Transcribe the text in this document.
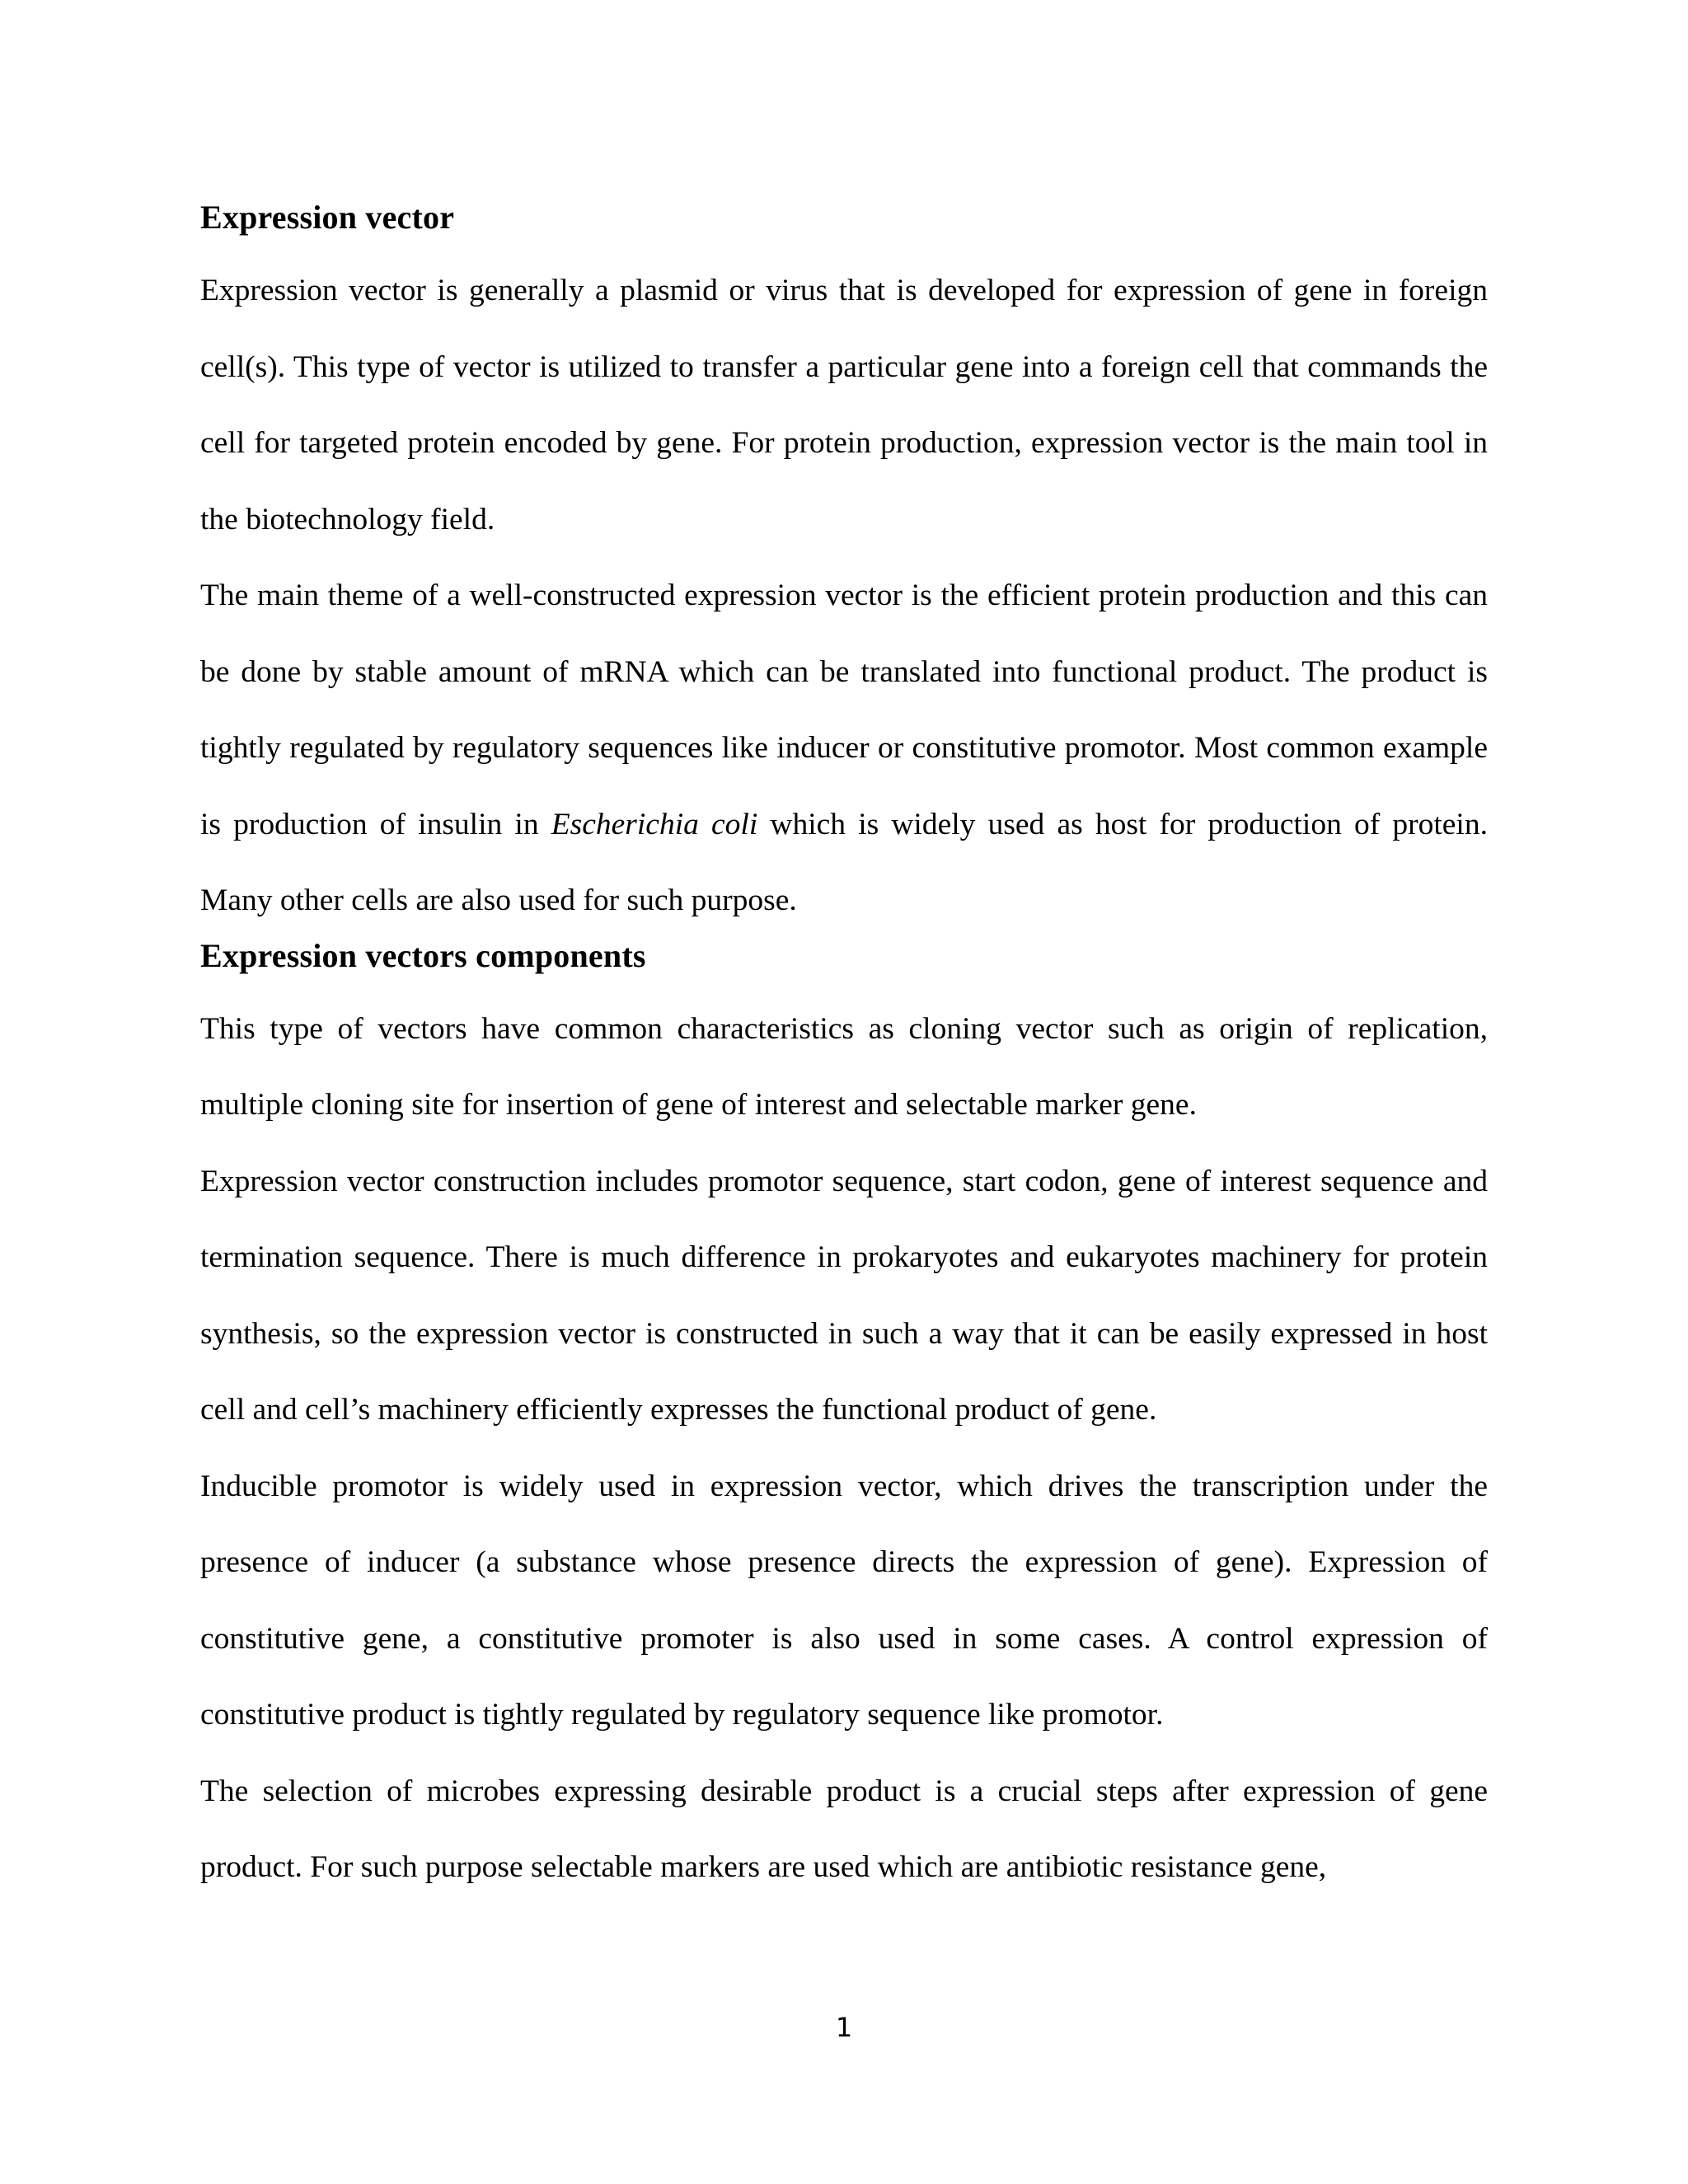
Expression vector

Expression vector is generally a plasmid or virus that is developed for expression of gene in foreign cell(s). This type of vector is utilized to transfer a particular gene into a foreign cell that commands the cell for targeted protein encoded by gene. For protein production, expression vector is the main tool in the biotechnology field.

The main theme of a well-constructed expression vector is the efficient protein production and this can be done by stable amount of mRNA which can be translated into functional product. The product is tightly regulated by regulatory sequences like inducer or constitutive promotor. Most common example is production of insulin in Escherichia coli which is widely used as host for production of protein. Many other cells are also used for such purpose.

Expression vectors components

This type of vectors have common characteristics as cloning vector such as origin of replication, multiple cloning site for insertion of gene of interest and selectable marker gene.

Expression vector construction includes promotor sequence, start codon, gene of interest sequence and termination sequence. There is much difference in prokaryotes and eukaryotes machinery for protein synthesis, so the expression vector is constructed in such a way that it can be easily expressed in host cell and cell’s machinery efficiently expresses the functional product of gene.

Inducible promotor is widely used in expression vector, which drives the transcription under the presence of inducer (a substance whose presence directs the expression of gene). Expression of constitutive gene, a constitutive promoter is also used in some cases. A control expression of constitutive product is tightly regulated by regulatory sequence like promotor.

The selection of microbes expressing desirable product is a crucial steps after expression of gene product. For such purpose selectable markers are used which are antibiotic resistance gene,

1
